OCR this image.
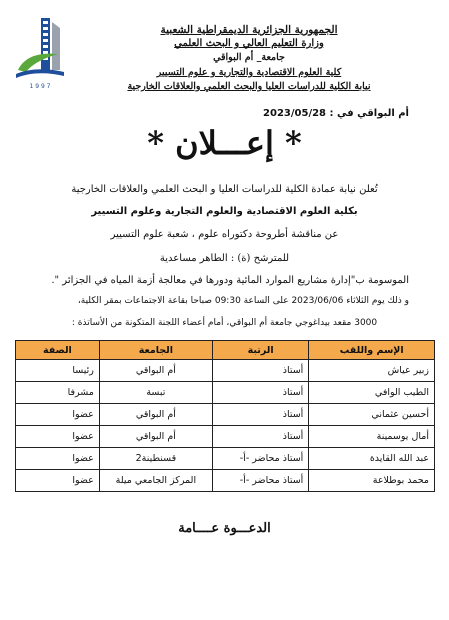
1 9 9 7
الجمهورية الجزائرية الديمقراطية الشعبية
وزارة التعليم العالي و البحث العلمي
جامعة_ أم البواقي
كلية العلوم الاقتصادية والتجارية و علوم التسيير
نيابة الكلية للدراسات العليا والبحث العلمي والعلاقات الخارجية
أم البواقي في : 2023/05/28
* إعـــلان *
تُعلن نيابة عمادة الكلية للدراسات العليا و البحث العلمي والعلاقات الخارجية
بكلية العلوم الاقتصادية والعلوم التجارية وعلوم التسيير
عن مناقشة أطروحة دكتوراه علوم ، شعبة علوم التسيير
للمترشح (ة) : الطاهر مساعدية
الموسومة ب"إدارة مشاريع الموارد المائية ودورها في معالجة أزمة المياه في الجزائر ".
و ذلك يوم الثلاثاء 2023/06/06 على الساعة 09:30 صباحا بقاعة الاجتماعات بمقر الكلية،
3000 مقعد بيداغوجي جامعة أم البواقي، أمام أعضاء اللجنة المتكونة من الأساتذة :
الإسم واللقب	الرتبة	الجامعة	الصفة
زبير عياش	أستاذ	أم البواقي	رئيسا
الطيب الوافي	أستاذ	تبسة	مشرفا
أحسين عثماني	أستاذ	أم البواقي	عضوا
أمال يوسمينة	أستاذ	أم البواقي	عضوا
عبد الله القايدة	أستاذ محاضر -أ-	قسنطينة2	عضوا
محمد بوطلاعة	أستاذ محاضر -أ-	المركز الجامعي ميلة	عضوا
الدعـــوة عــــامة
